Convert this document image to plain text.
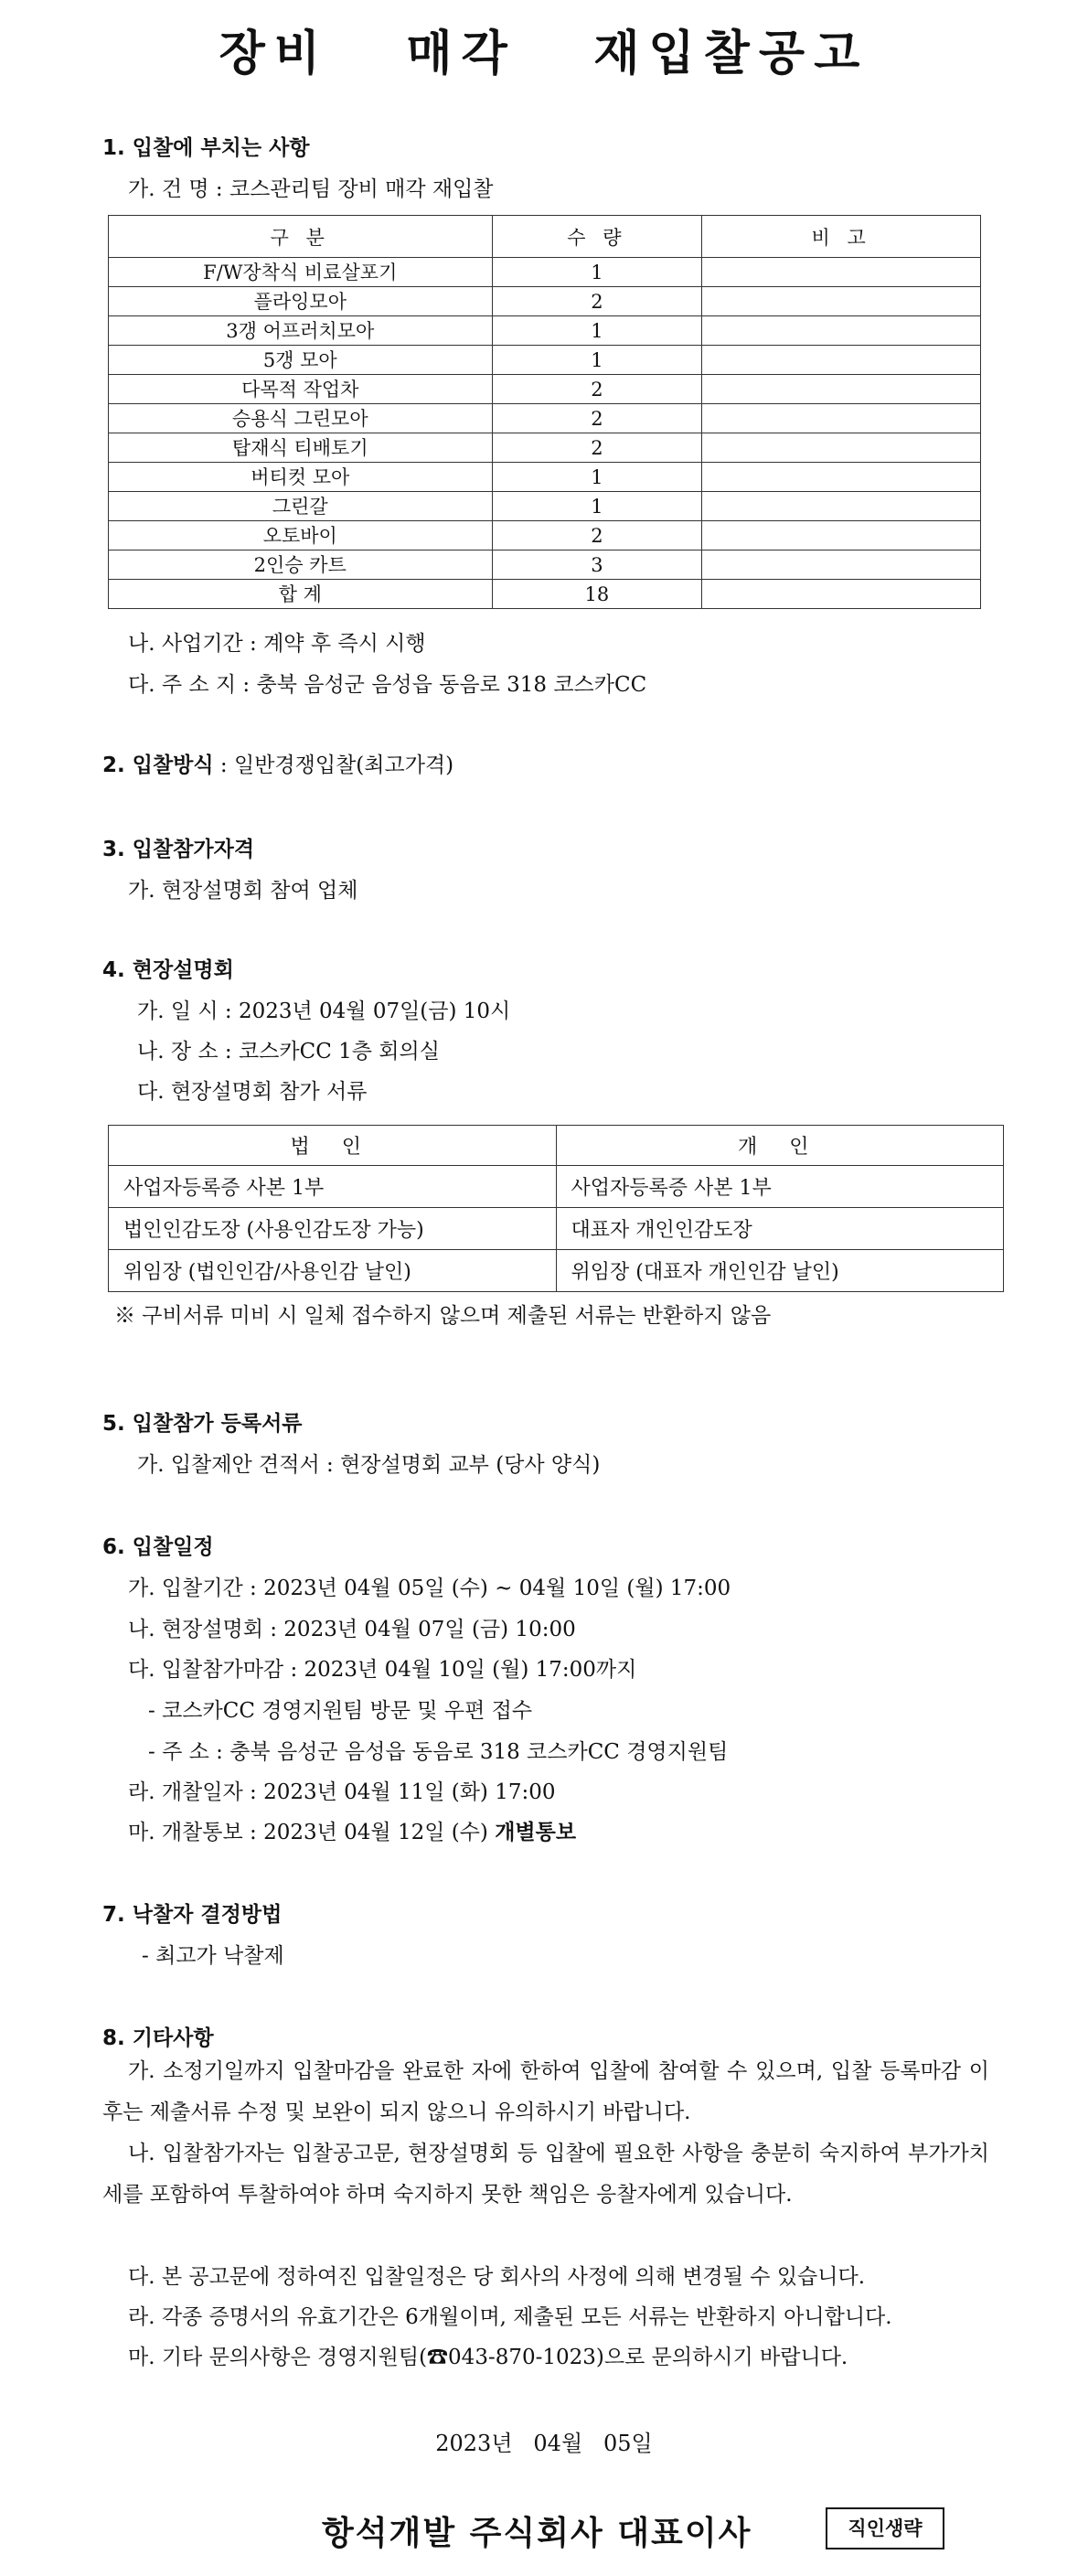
장비   매각   재입찰공고
1. 입찰에 부치는 사항
가. 건 명 : 코스관리팀 장비 매각 재입찰
구 분	수 량	비 고
F/W장착식 비료살포기	1	
플라잉모아	2	
3갱 어프러치모아	1	
5갱 모아	1	
다목적 작업차	2	
승용식 그린모아	2	
탑재식 티배토기	2	
버티컷 모아	1	
그린갈	1	
오토바이	2	
2인승 카트	3	
합 계	18	
나. 사업기간 : 계약 후 즉시 시행
다. 주 소 지 : 충북 음성군 음성읍 동음로 318 코스카CC
2. 입찰방식 : 일반경쟁입찰(최고가격)
3. 입찰참가자격
가. 현장설명회 참여 업체
4. 현장설명회
가. 일 시 : 2023년 04월 07일(금) 10시
나. 장 소 : 코스카CC 1층 회의실
다. 현장설명회 참가 서류
법 인	개 인
사업자등록증 사본 1부	사업자등록증 사본 1부
법인인감도장 (사용인감도장 가능)	대표자 개인인감도장
위임장 (법인인감/사용인감 날인)	위임장 (대표자 개인인감 날인)
※ 구비서류 미비 시 일체 접수하지 않으며 제출된 서류는 반환하지 않음
5. 입찰참가 등록서류
가. 입찰제안 견적서 : 현장설명회 교부 (당사 양식)
6. 입찰일정
가. 입찰기간 : 2023년 04월 05일 (수) ~ 04월 10일 (월) 17:00
나. 현장설명회 : 2023년 04월 07일 (금) 10:00
다. 입찰참가마감 : 2023년 04월 10일 (월) 17:00까지
- 코스카CC 경영지원팀 방문 및 우편 접수
- 주 소 : 충북 음성군 음성읍 동음로 318 코스카CC 경영지원팀
라. 개찰일자 : 2023년 04월 11일 (화) 17:00
마. 개찰통보 : 2023년 04월 12일 (수) 개별통보
7. 낙찰자 결정방법
- 최고가 낙찰제
8. 기타사항
가. 소정기일까지 입찰마감을 완료한 자에 한하여 입찰에 참여할 수 있으며, 입찰 등록마감 이후는 제출서류 수정 및 보완이 되지 않으니 유의하시기 바랍니다.
나. 입찰참가자는 입찰공고문, 현장설명회 등 입찰에 필요한 사항을 충분히 숙지하여 부가가치세를 포함하여 투찰하여야 하며 숙지하지 못한 책임은 응찰자에게 있습니다.
다. 본 공고문에 정하여진 입찰일정은 당 회사의 사정에 의해 변경될 수 있습니다.
라. 각종 증명서의 유효기간은 6개월이며, 제출된 모든 서류는 반환하지 아니합니다.
마. 기타 문의사항은 경영지원팀(☎043-870-1023)으로 문의하시기 바랍니다.
2023년   04월   05일
항석개발 주식회사 대표이사	직인생략
